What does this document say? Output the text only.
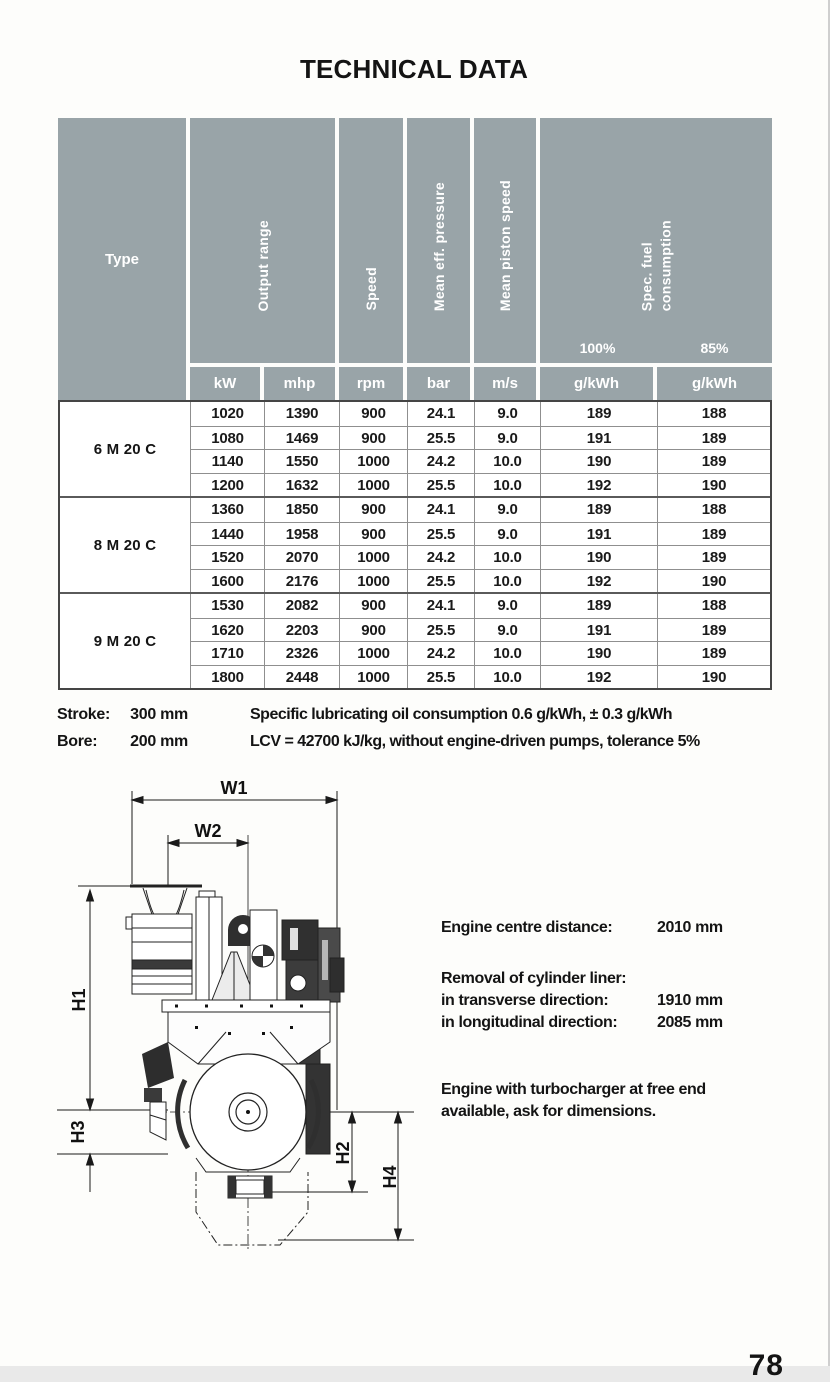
TECHNICAL DATA
Type	Output range	Speed	Mean eff. pressure	Mean piston speed	Spec. fuel consumption
100%	85%
kW	mhp	rpm	bar	m/s	g/kWh	g/kWh
6 M 20 C
1020	1390	900	24.1	9.0	189	188
1080	1469	900	25.5	9.0	191	189
1140	1550	1000	24.2	10.0	190	189
1200	1632	1000	25.5	10.0	192	190
8 M 20 C
1360	1850	900	24.1	9.0	189	188
1440	1958	900	25.5	9.0	191	189
1520	2070	1000	24.2	10.0	190	189
1600	2176	1000	25.5	10.0	192	190
9 M 20 C
1530	2082	900	24.1	9.0	189	188
1620	2203	900	25.5	9.0	191	189
1710	2326	1000	24.2	10.0	190	189
1800	2448	1000	25.5	10.0	192	190
Stroke: 300 mm
Bore: 200 mm
Specific lubricating oil consumption 0.6 g/kWh, ± 0.3 g/kWh
LCV = 42700 kJ/kg, without engine-driven pumps, tolerance 5%
W1
W2
H1
H3
H2
H4
Engine centre distance:	2010 mm
Removal of cylinder liner:
in transverse direction:	1910 mm
in longitudinal direction: 2085 mm
Engine with turbocharger at free end
available, ask for dimensions.
78
